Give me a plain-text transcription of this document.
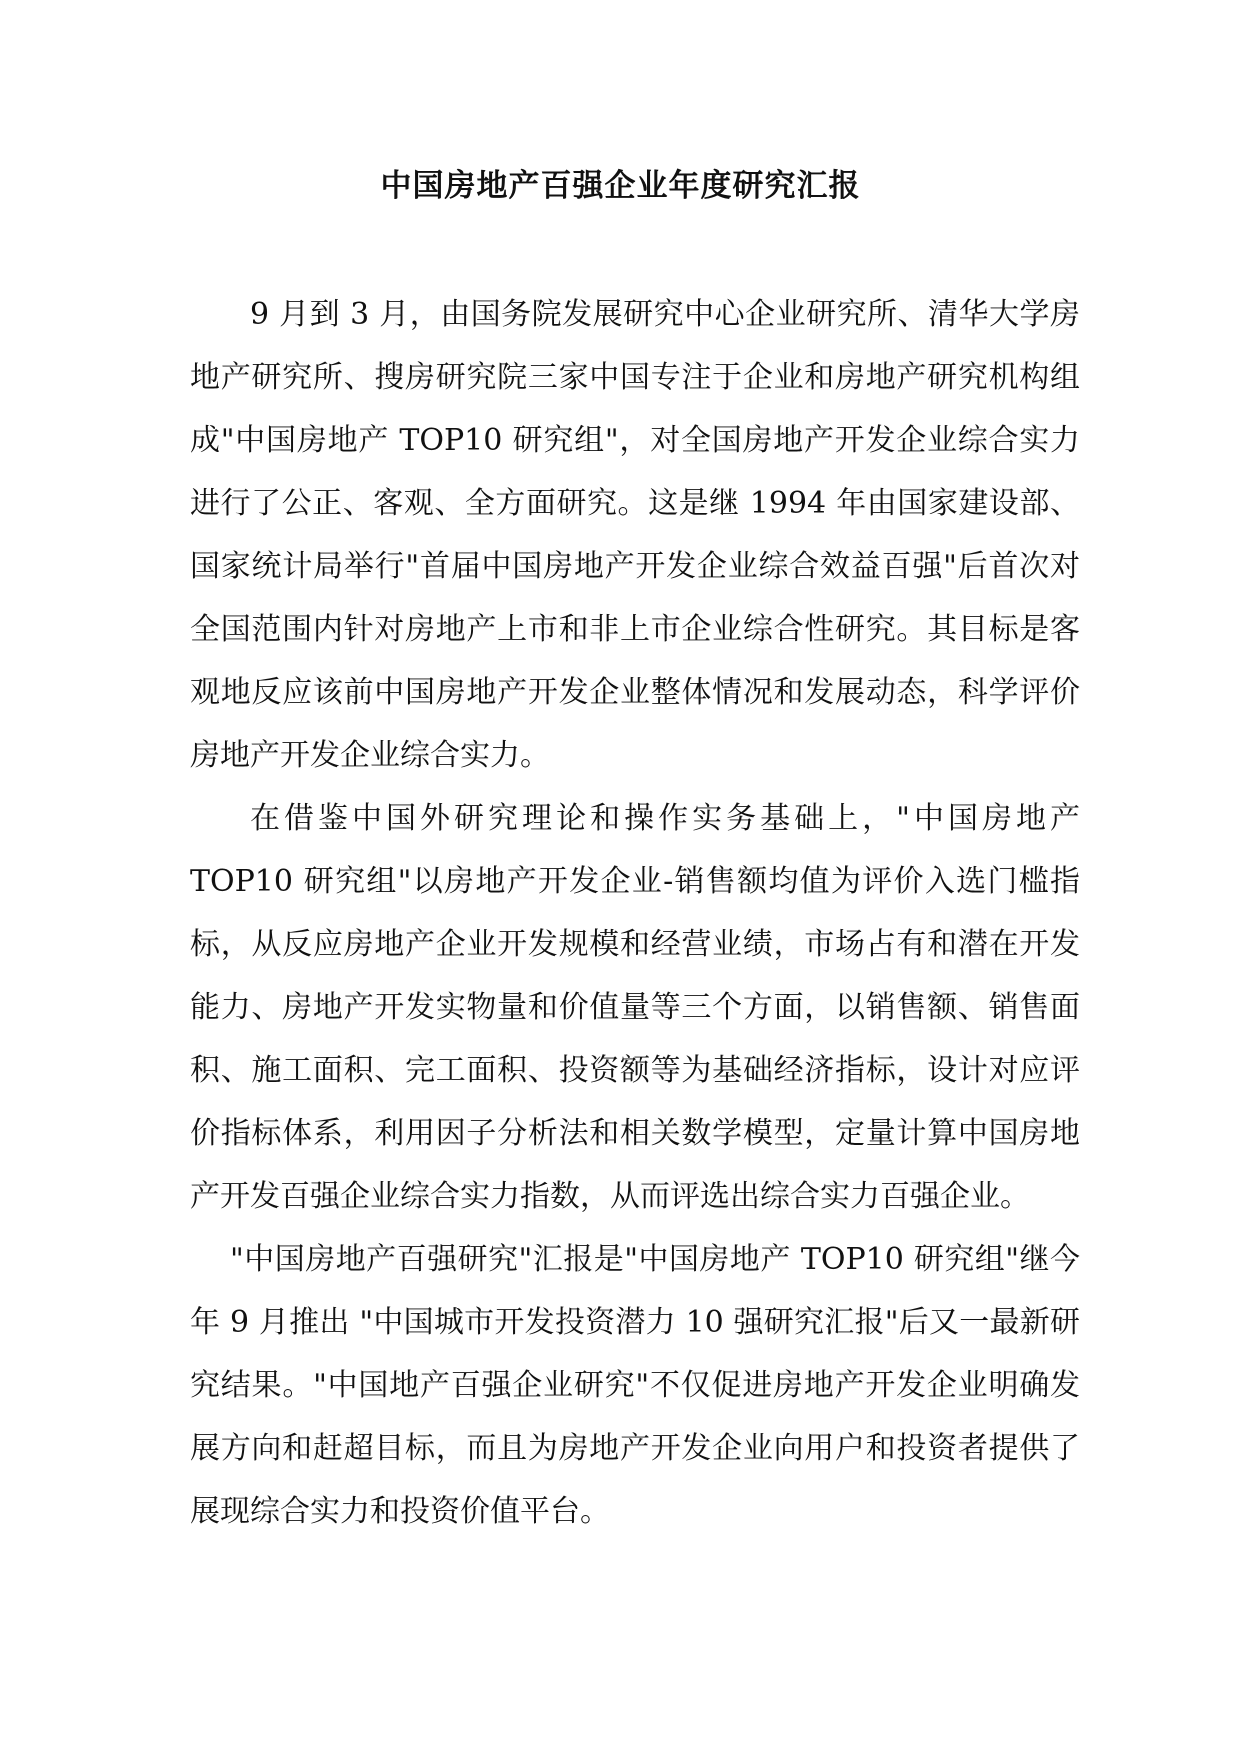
中国房地产百强企业年度研究汇报

9 月到 3 月，由国务院发展研究中心企业研究所、清华大学房地产研究所、搜房研究院三家中国专注于企业和房地产研究机构组成"中国房地产 TOP10 研究组"，对全国房地产开发企业综合实力进行了公正、客观、全方面研究。这是继 1994 年由国家建设部、国家统计局举行"首届中国房地产开发企业综合效益百强"后首次对全国范围内针对房地产上市和非上市企业综合性研究。其目标是客观地反应该前中国房地产开发企业整体情况和发展动态，科学评价房地产开发企业综合实力。

在借鉴中国外研究理论和操作实务基础上，"中国房地产 TOP10 研究组"以房地产开发企业-销售额均值为评价入选门槛指标，从反应房地产企业开发规模和经营业绩，市场占有和潜在开发能力、房地产开发实物量和价值量等三个方面，以销售额、销售面积、施工面积、完工面积、投资额等为基础经济指标，设计对应评价指标体系，利用因子分析法和相关数学模型，定量计算中国房地产开发百强企业综合实力指数，从而评选出综合实力百强企业。

"中国房地产百强研究"汇报是"中国房地产 TOP10 研究组"继今年 9 月推出 "中国城市开发投资潜力 10 强研究汇报"后又一最新研究结果。"中国地产百强企业研究"不仅促进房地产开发企业明确发展方向和赶超目标，而且为房地产开发企业向用户和投资者提供了展现综合实力和投资价值平台。
